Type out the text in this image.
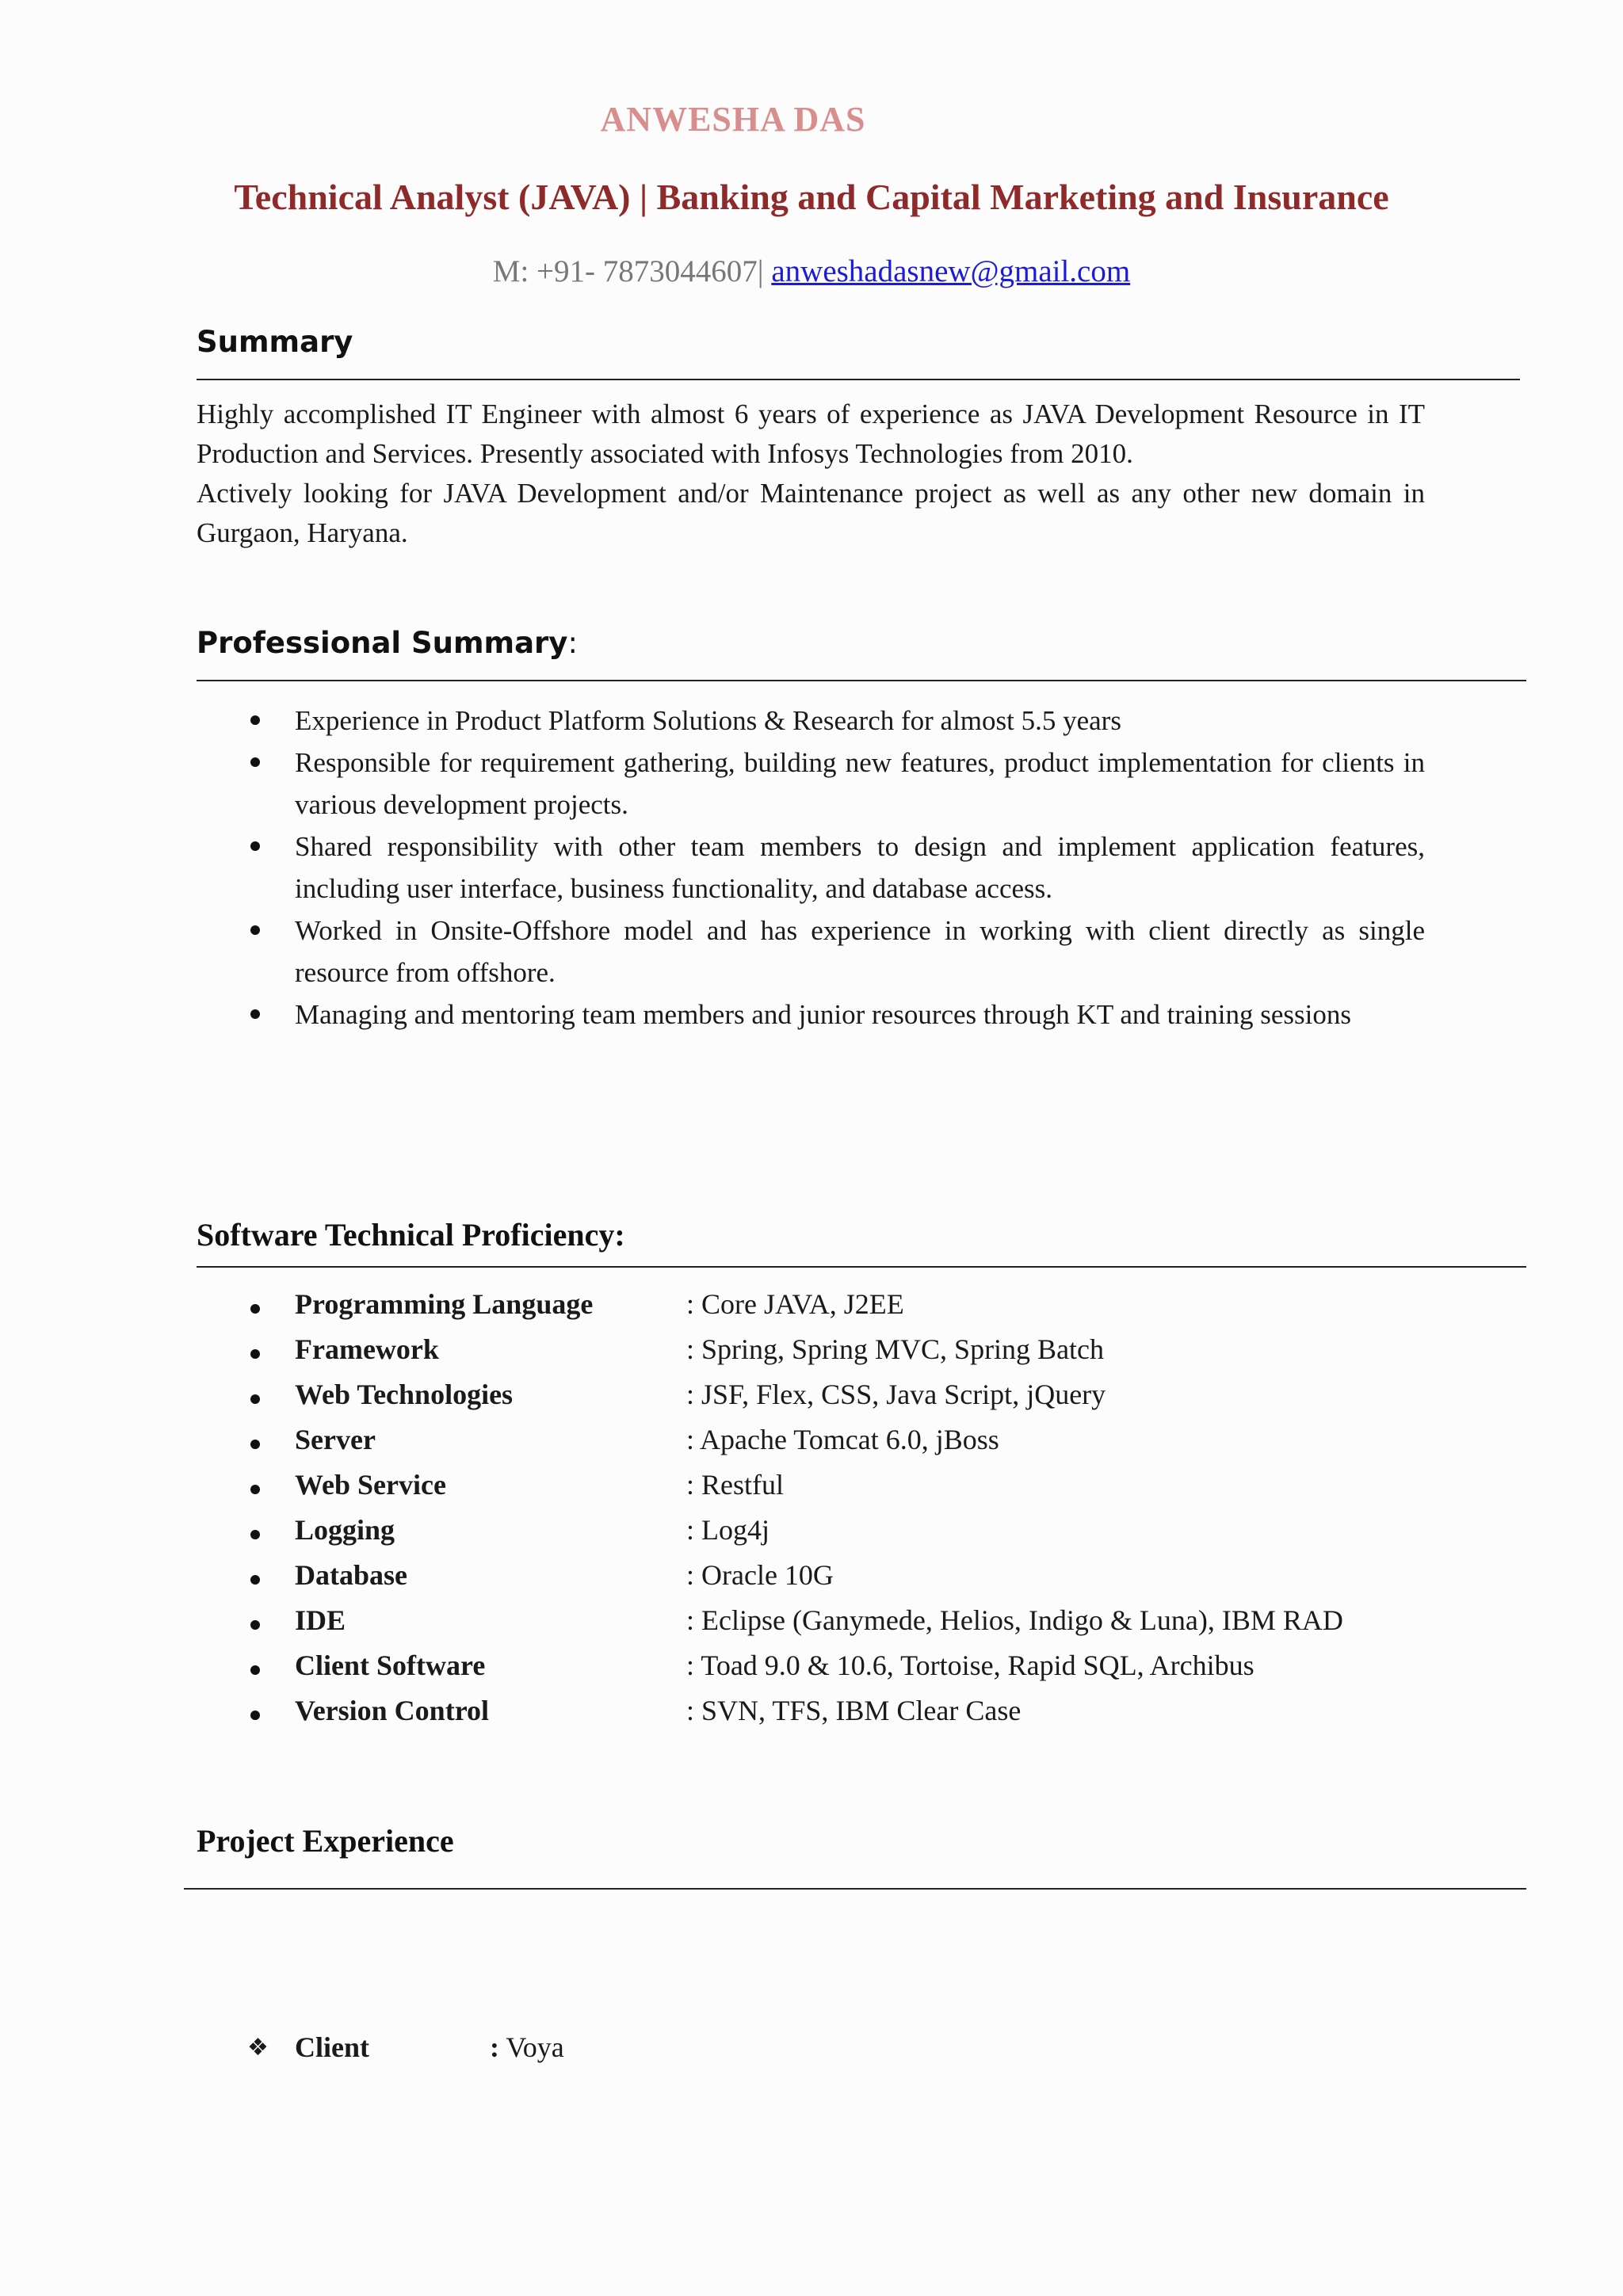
ANWESHA DAS
Technical Analyst (JAVA) | Banking and Capital Marketing and Insurance
M: +91- 7873044607| anweshadasnew@gmail.com
Summary

Highly accomplished IT Engineer with almost 6 years of experience as JAVA Development Resource in IT Production and Services. Presently associated with Infosys Technologies from 2010.

Actively looking for JAVA Development and/or Maintenance project as well as any other new domain in Gurgaon, Haryana.

Professional Summary:
Experience in Product Platform Solutions & Research for almost 5.5 years
Responsible for requirement gathering, building new features, product implementation for clients in various development projects.
Shared responsibility with other team members to design and implement application features, including user interface, business functionality, and database access.
Worked in Onsite-Offshore model and has experience in working with client directly as single resource from offshore.
Managing and mentoring team members and junior resources through KT and training sessions
Software Technical Proficiency:
Programming Language	: Core JAVA, J2EE
Framework	: Spring, Spring MVC, Spring Batch
Web Technologies	: JSF, Flex, CSS, Java Script, jQuery
Server	: Apache Tomcat 6.0, jBoss
Web Service	: Restful
Logging	: Log4j
Database	: Oracle 10G
IDE	: Eclipse (Ganymede, Helios, Indigo & Luna), IBM RAD
Client Software	: Toad 9.0 & 10.6, Tortoise, Rapid SQL, Archibus
Version Control	: SVN, TFS, IBM Clear Case
Project Experience
❖ Client	: Voya
